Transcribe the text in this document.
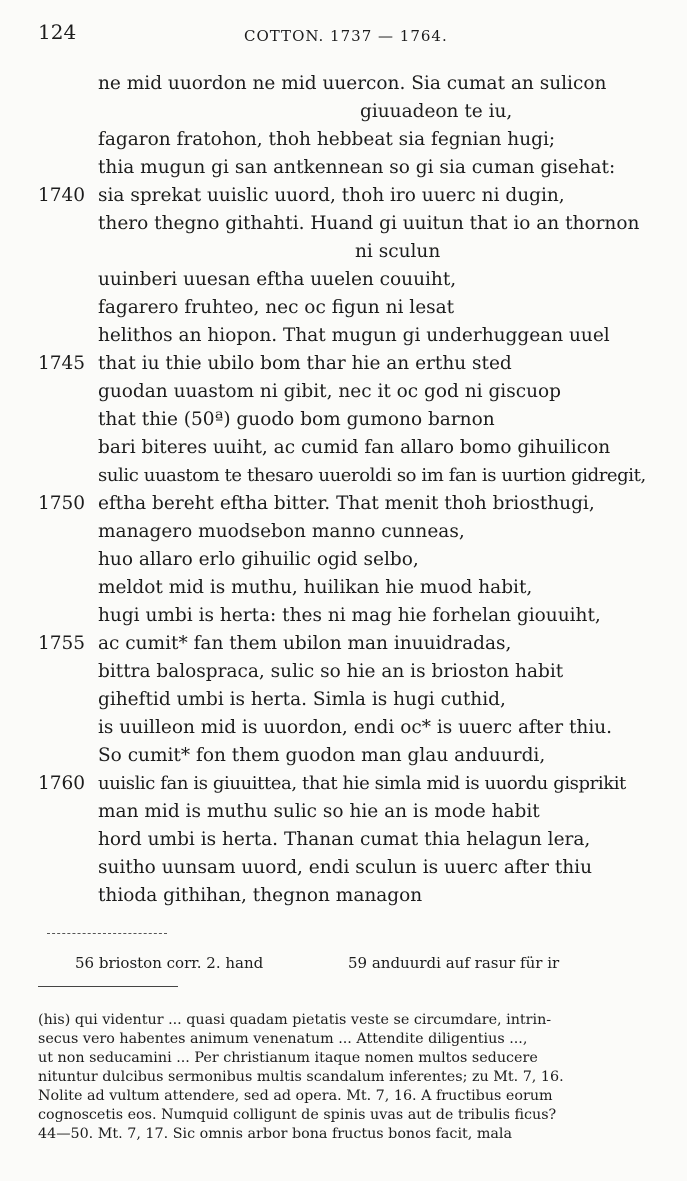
124	COTTON. 1737 — 1764.
ne mid uuordon ne mid uuercon. Sia cumat an sulicon
giuuadeon te iu,
fagaron fratohon, thoh hebbeat sia fegnian hugi;
thia mugun gi san antkennean so gi sia cuman gisehat:
sia sprekat uuislic uuord, thoh iro uuerc ni dugin,
thero thegno githahti. Huand gi uuitun that io an thornon
ni sculun
uuinberi uuesan eftha uuelen couuiht,
fagarero fruhteo, nec oc figun ni lesat
helithos an hiopon. That mugun gi underhuggean uuel
that iu thie ubilo bom thar hie an erthu sted
guodan uuastom ni gibit, nec it oc god ni giscuop
that thie (50ª) guodo bom gumono barnon
bari biteres uuiht, ac cumid fan allaro bomo gihuilicon
sulic uuastom te thesaro uueroldi so im fan is uurtion gidregit,
eftha bereht eftha bitter. That menit thoh briosthugi,
managero muodsebon manno cunneas,
huo allaro erlo gihuilic ogid selbo,
meldot mid is muthu, huilikan hie muod habit,
hugi umbi is herta: thes ni mag hie forhelan giouuiht,
ac cumit* fan them ubilon man inuuidradas,
bittra balospraca, sulic so hie an is brioston habit
giheftid umbi is herta. Simla is hugi cuthid,
is uuilleon mid is uuordon, endi oc* is uuerc after thiu.
So cumit* fon them guodon man glau anduurdi,
uuislic fan is giuuittea, that hie simla mid is uuordu gisprikit
man mid is muthu sulic so hie an is mode habit
hord umbi is herta. Thanan cumat thia helagun lera,
suitho uunsam uuord, endi sculun is uuerc after thiu
thioda githihan, thegnon managon
1740
1745
1750
1755
1760
56 brioston corr. 2. hand	59 anduurdi auf rasur für ir
(his) qui videntur ... quasi quadam pietatis veste se circumdare, intrin-
secus vero habentes animum venenatum ... Attendite diligentius ...,
ut non seducamini ... Per christianum itaque nomen multos seducere
nituntur dulcibus sermonibus multis scandalum inferentes; zu Mt. 7, 16.
Nolite ad vultum attendere, sed ad opera. Mt. 7, 16. A fructibus eorum
cognoscetis eos. Numquid colligunt de spinis uvas aut de tribulis ficus?
44—50. Mt. 7, 17. Sic omnis arbor bona fructus bonos facit, mala
